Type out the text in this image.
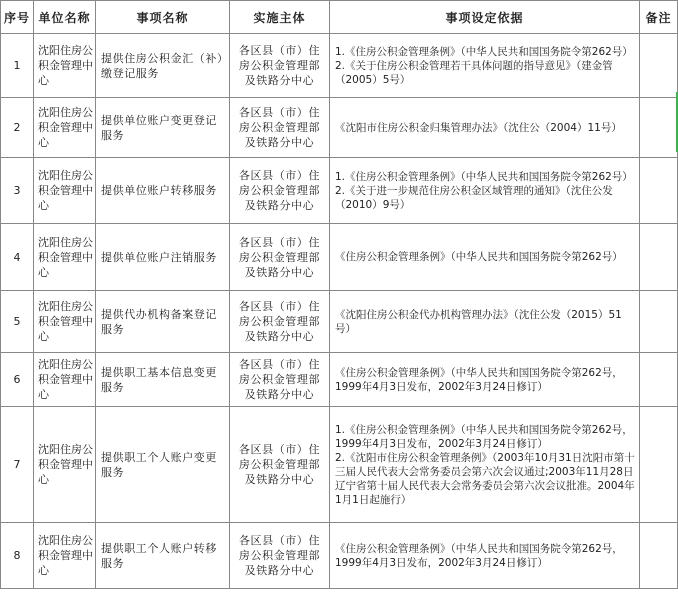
序号	单位名称	事项名称	实施主体	事项设定依据	备注
1	沈阳住房公积金管理中心	提供住房公积金汇（补）缴登记服务	各区县（市）住房公积金管理部及铁路分中心	1.《住房公积金管理条例》（中华人民共和国国务院令第262号）
2.《关于住房公积金管理若干具体问题的指导意见》（建金管（2005）5号）	

2	沈阳住房公积金管理中心	提供单位账户变更登记服务	各区县（市）住房公积金管理部及铁路分中心	《沈阳市住房公积金归集管理办法》（沈住公（2004）11号）	

3	沈阳住房公积金管理中心	提供单位账户转移服务	各区县（市）住房公积金管理部及铁路分中心	1.《住房公积金管理条例》（中华人民共和国国务院令第262号）
2.《关于进一步规范住房公积金区域管理的通知》（沈住公发（2010）9号）	

4	沈阳住房公积金管理中心	提供单位账户注销服务	各区县（市）住房公积金管理部及铁路分中心	《住房公积金管理条例》（中华人民共和国国务院令第262号）	

5	沈阳住房公积金管理中心	提供代办机构备案登记服务	各区县（市）住房公积金管理部及铁路分中心	《沈阳住房公积金代办机构管理办法》（沈住公发（2015）51号）	

6	沈阳住房公积金管理中心	提供职工基本信息变更服务	各区县（市）住房公积金管理部及铁路分中心	《住房公积金管理条例》（中华人民共和国国务院令第262号，1999年4月3日发布，2002年3月24日修订）	

7	沈阳住房公积金管理中心	提供职工个人账户变更服务	各区县（市）住房公积金管理部及铁路分中心	1.《住房公积金管理条例》（中华人民共和国国务院令第262号，1999年4月3日发布，2002年3月24日修订）
2.《沈阳市住房公积金管理条例》（2003年10月31日沈阳市第十三届人民代表大会常务委员会第六次会议通过;2003年11月28日辽宁省第十届人民代表大会常务委员会第六次会议批准。2004年1月1日起施行）	

8	沈阳住房公积金管理中心	提供职工个人账户转移服务	各区县（市）住房公积金管理部及铁路分中心	《住房公积金管理条例》（中华人民共和国国务院令第262号，1999年4月3日发布，2002年3月24日修订）	
